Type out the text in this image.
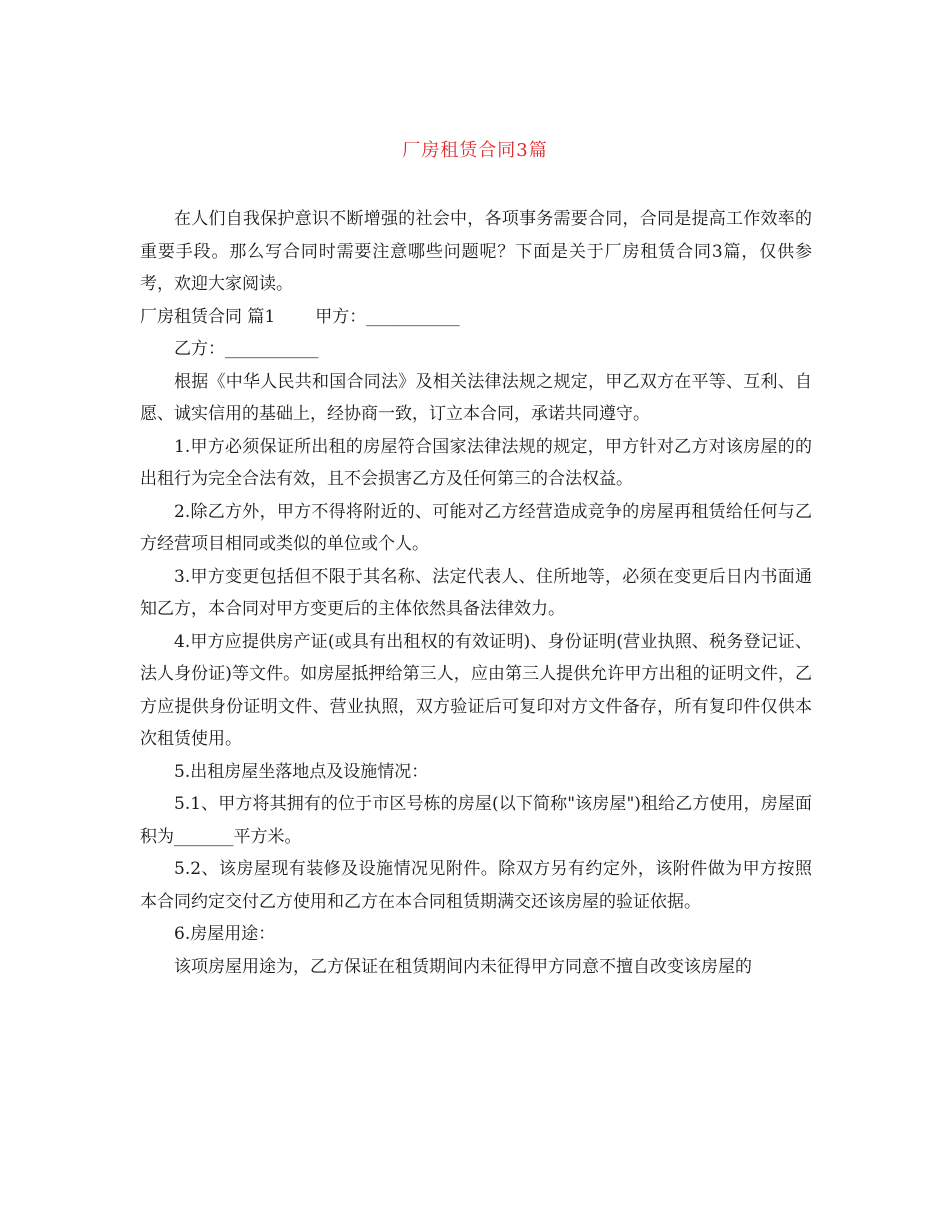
厂房租赁合同3篇

在人们自我保护意识不断增强的社会中，各项事务需要合同，合同是提高工作效率的重要手段。那么写合同时需要注意哪些问题呢？下面是关于厂房租赁合同3篇，仅供参考，欢迎大家阅读。

厂房租赁合同 篇1 甲方：___________

乙方：___________

根据《中华人民共和国合同法》及相关法律法规之规定，甲乙双方在平等、互利、自愿、诚实信用的基础上，经协商一致，订立本合同，承诺共同遵守。

1.甲方必须保证所出租的房屋符合国家法律法规的规定，甲方针对乙方对该房屋的的出租行为完全合法有效，且不会损害乙方及任何第三的合法权益。

2.除乙方外，甲方不得将附近的、可能对乙方经营造成竞争的房屋再租赁给任何与乙方经营项目相同或类似的单位或个人。

3.甲方变更包括但不限于其名称、法定代表人、住所地等，必须在变更后日内书面通知乙方，本合同对甲方变更后的主体依然具备法律效力。

4.甲方应提供房产证(或具有出租权的有效证明)、身份证明(营业执照、税务登记证、法人身份证)等文件。如房屋抵押给第三人，应由第三人提供允许甲方出租的证明文件，乙方应提供身份证明文件、营业执照，双方验证后可复印对方文件备存，所有复印件仅供本次租赁使用。

5.出租房屋坐落地点及设施情况：

5.1、甲方将其拥有的位于市区号栋的房屋(以下简称"该房屋")租给乙方使用，房屋面积为_______平方米。

5.2、该房屋现有装修及设施情况见附件。除双方另有约定外，该附件做为甲方按照本合同约定交付乙方使用和乙方在本合同租赁期满交还该房屋的验证依据。

6.房屋用途：

该项房屋用途为，乙方保证在租赁期间内未征得甲方同意不擅自改变该房屋的
